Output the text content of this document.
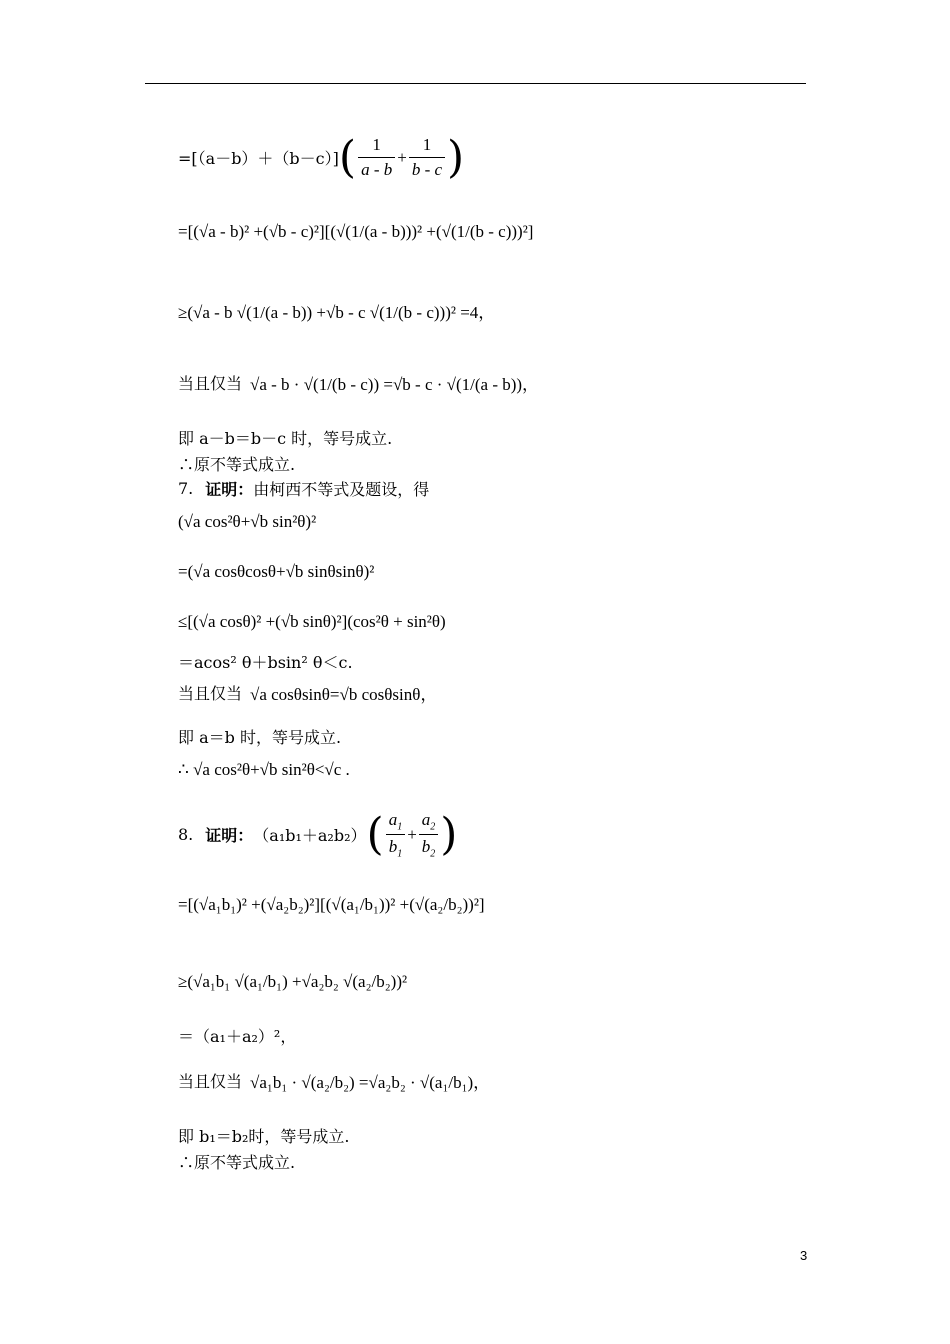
=[（a－b）＋（b－c）] ( $\frac{1}{a - b} + \frac{1}{b - c}$ )
=[(√a - b)² +(√b - c)²][(√(1/(a - b)))² +(√(1/(b - c)))²]
≥(√a - b √(1/(a - b)) +√b - c √(1/(b - c)))² =4，
当且仅当 √a - b · √(1/(b - c)) =√b - c · √(1/(a - b))，
即 a－b＝b－c 时，等号成立.
∴原不等式成立.
7. 证明： 由柯西不等式及题设，得
(√a cos²θ+√b sin²θ)²
=(√a cosθcosθ+√b sinθsinθ)²
≤[(√a cosθ)² +(√b sinθ)²](cos²θ + sin²θ)
＝acos² θ＋bsin² θ＜c.
当且仅当 √a cosθsinθ=√b cosθsinθ，
即 a＝b 时，等号成立.
∴ √a cos²θ+√b sin²θ<√c .
8. 证明： （a₁b₁＋a₂b₂） ( $\frac{a_1}{b_1} + \frac{a_2}{b_2}$ )
=[(√a₁b₁)² +(√a₂b₂)²][(√(a₁/b₁))² +(√(a₂/b₂))²]
≥(√a₁b₁ √(a₁/b₁) +√a₂b₂ √(a₂/b₂))²
＝（a₁＋a₂）²，
当且仅当 √a₁b₁ · √(a₂/b₂) =√a₂b₂ · √(a₁/b₁)，
即 b₁＝b₂时，等号成立.
∴原不等式成立.
3
